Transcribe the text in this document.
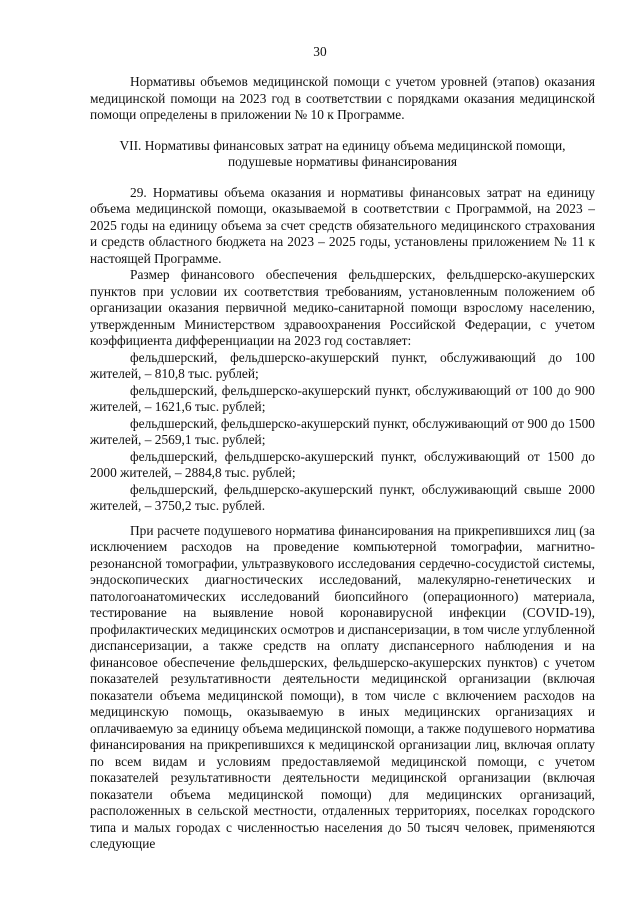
30

Нормативы объемов медицинской помощи с учетом уровней (этапов) оказания медицинской помощи на 2023 год в соответствии с порядками оказания медицинской помощи определены в приложении № 10 к Программе.

VII. Нормативы финансовых затрат на единицу объема медицинской помощи, подушевые нормативы финансирования

29. Нормативы объема оказания и нормативы финансовых затрат на единицу объема медицинской помощи, оказываемой в соответствии с Программой, на 2023 – 2025 годы на единицу объема за счет средств обязательного медицинского страхования и средств областного бюджета на 2023 – 2025 годы, установлены приложением № 11 к настоящей Программе.

Размер финансового обеспечения фельдшерских, фельдшерско-акушерских пунктов при условии их соответствия требованиям, установленным положением об организации оказания первичной медико-санитарной помощи взрослому населению, утвержденным Министерством здравоохранения Российской Федерации, с учетом коэффициента дифференциации на 2023 год составляет:

фельдшерский, фельдшерско-акушерский пункт, обслуживающий до 100 жителей, – 810,8 тыс. рублей;

фельдшерский, фельдшерско-акушерский пункт, обслуживающий от 100 до 900 жителей, – 1621,6 тыс. рублей;

фельдшерский, фельдшерско-акушерский пункт, обслуживающий от 900 до 1500 жителей, – 2569,1 тыс. рублей;

фельдшерский, фельдшерско-акушерский пункт, обслуживающий от 1500 до 2000 жителей, – 2884,8 тыс. рублей;

фельдшерский, фельдшерско-акушерский пункт, обслуживающий свыше 2000 жителей, – 3750,2 тыс. рублей.

При расчете подушевого норматива финансирования на прикрепившихся лиц (за исключением расходов на проведение компьютерной томографии, магнитно-резонансной томографии, ультразвукового исследования сердечно-сосудистой системы, эндоскопических диагностических исследований, малекулярно-генетических и патологоанатомических исследований биопсийного (операционного) материала, тестирование на выявление новой коронавирусной инфекции (COVID-19), профилактических медицинских осмотров и диспансеризации, в том числе углубленной диспансеризации, а также средств на оплату диспансерного наблюдения и на финансовое обеспечение фельдшерских, фельдшерско-акушерских пунктов) с учетом показателей результативности деятельности медицинской организации (включая показатели объема медицинской помощи), в том числе с включением расходов на медицинскую помощь, оказываемую в иных медицинских организациях и оплачиваемую за единицу объема медицинской помощи, а также подушевого норматива финансирования на прикрепившихся к медицинской организации лиц, включая оплату по всем видам и условиям предоставляемой медицинской помощи, с учетом показателей результативности деятельности медицинской организации (включая показатели объема медицинской помощи) для медицинских организаций, расположенных в сельской местности, отдаленных территориях, поселках городского типа и малых городах с численностью населения до 50 тысяч человек, применяются следующие
